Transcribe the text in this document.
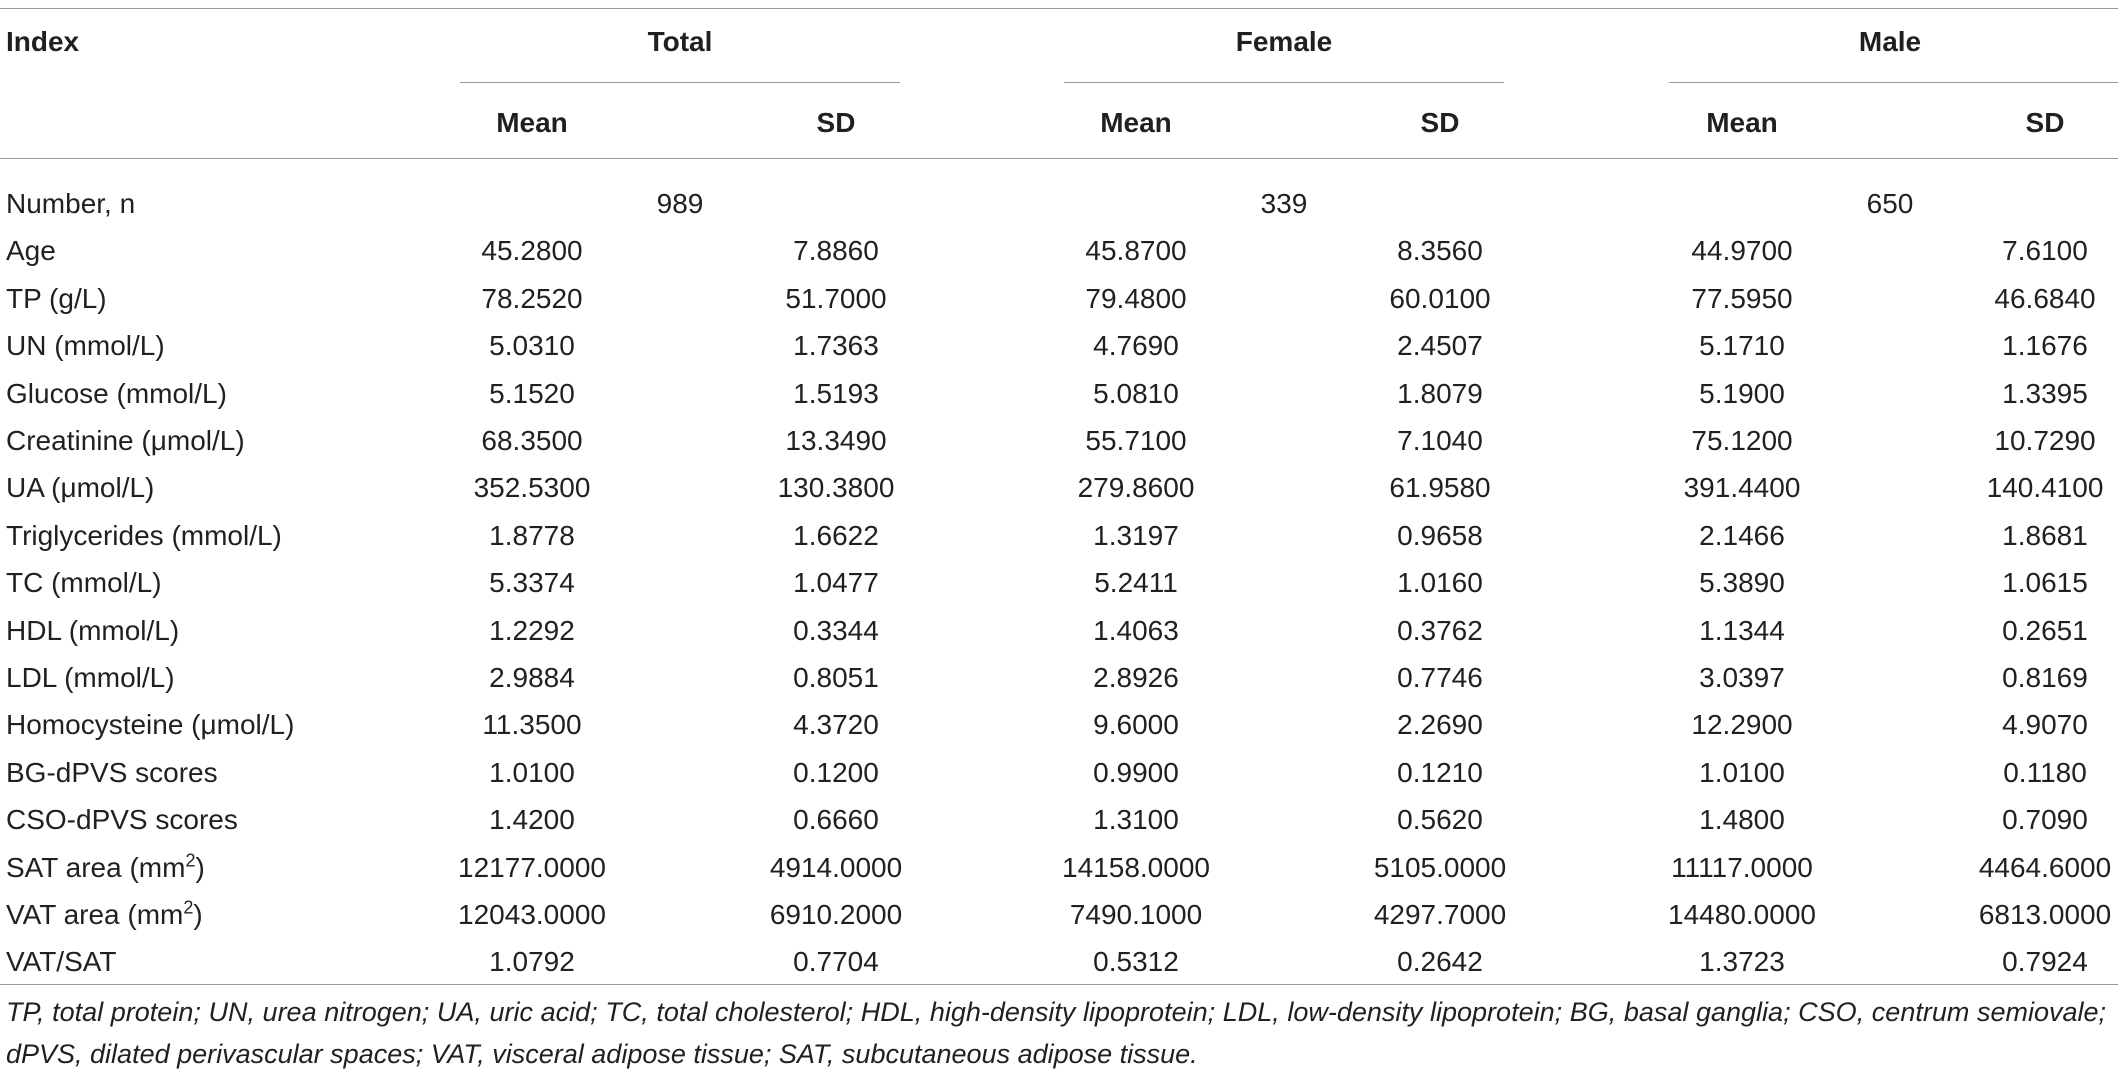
Index	Total	Female	Male
Mean	SD	Mean	SD	Mean	SD
Number, n	989	339	650
Age	45.2800	7.8860	45.8700	8.3560	44.9700	7.6100
TP (g/L)	78.2520	51.7000	79.4800	60.0100	77.5950	46.6840
UN (mmol/L)	5.0310	1.7363	4.7690	2.4507	5.1710	1.1676
Glucose (mmol/L)	5.1520	1.5193	5.0810	1.8079	5.1900	1.3395
Creatinine (μmol/L)	68.3500	13.3490	55.7100	7.1040	75.1200	10.7290
UA (μmol/L)	352.5300	130.3800	279.8600	61.9580	391.4400	140.4100
Triglycerides (mmol/L)	1.8778	1.6622	1.3197	0.9658	2.1466	1.8681
TC (mmol/L)	5.3374	1.0477	5.2411	1.0160	5.3890	1.0615
HDL (mmol/L)	1.2292	0.3344	1.4063	0.3762	1.1344	0.2651
LDL (mmol/L)	2.9884	0.8051	2.8926	0.7746	3.0397	0.8169
Homocysteine (μmol/L)	11.3500	4.3720	9.6000	2.2690	12.2900	4.9070
BG-dPVS scores	1.0100	0.1200	0.9900	0.1210	1.0100	0.1180
CSO-dPVS scores	1.4200	0.6660	1.3100	0.5620	1.4800	0.7090
SAT area $(mm^2)$	12177.0000	4914.0000	14158.0000	5105.0000	11117.0000	4464.6000
VAT area $(mm^2)$	12043.0000	6910.2000	7490.1000	4297.7000	14480.0000	6813.0000
VAT/SAT	1.0792	0.7704	0.5312	0.2642	1.3723	0.7924
TP, total protein; UN, urea nitrogen; UA, uric acid; TC, total cholesterol; HDL, high-density lipoprotein; LDL, low-density lipoprotein; BG, basal ganglia; CSO, centrum semiovale; dPVS, dilated perivascular spaces; VAT, visceral adipose tissue; SAT, subcutaneous adipose tissue.
